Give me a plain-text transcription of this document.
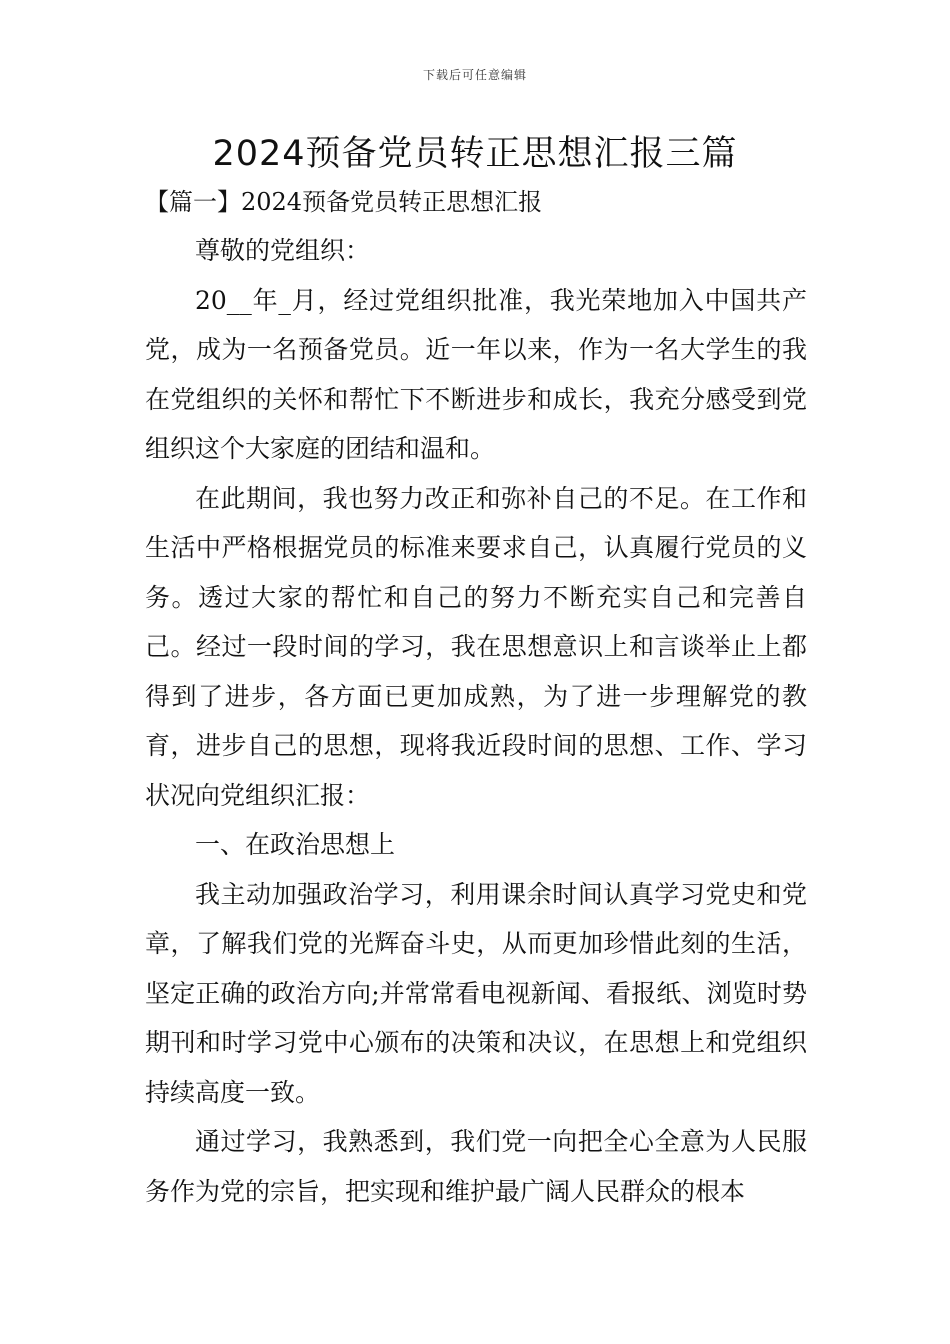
下载后可任意编辑
2024预备党员转正思想汇报三篇
【篇一】2024预备党员转正思想汇报

尊敬的党组织：

20__年_月，经过党组织批准，我光荣地加入中国共产党，成为一名预备党员。近一年以来，作为一名大学生的我在党组织的关怀和帮忙下不断进步和成长，我充分感受到党组织这个大家庭的团结和温和。

在此期间，我也努力改正和弥补自己的不足。在工作和生活中严格根据党员的标准来要求自己，认真履行党员的义务。透过大家的帮忙和自己的努力不断充实自己和完善自己。经过一段时间的学习，我在思想意识上和言谈举止上都得到了进步，各方面已更加成熟，为了进一步理解党的教育，进步自己的思想，现将我近段时间的思想、工作、学习状况向党组织汇报：

一、在政治思想上

我主动加强政治学习，利用课余时间认真学习党史和党章，了解我们党的光辉奋斗史，从而更加珍惜此刻的生活，坚定正确的政治方向;并常常看电视新闻、看报纸、浏览时势期刊和时学习党中心颁布的决策和决议，在思想上和党组织持续高度一致。

通过学习，我熟悉到，我们党一向把全心全意为人民服务作为党的宗旨，把实现和维护最广阔人民群众的根本
